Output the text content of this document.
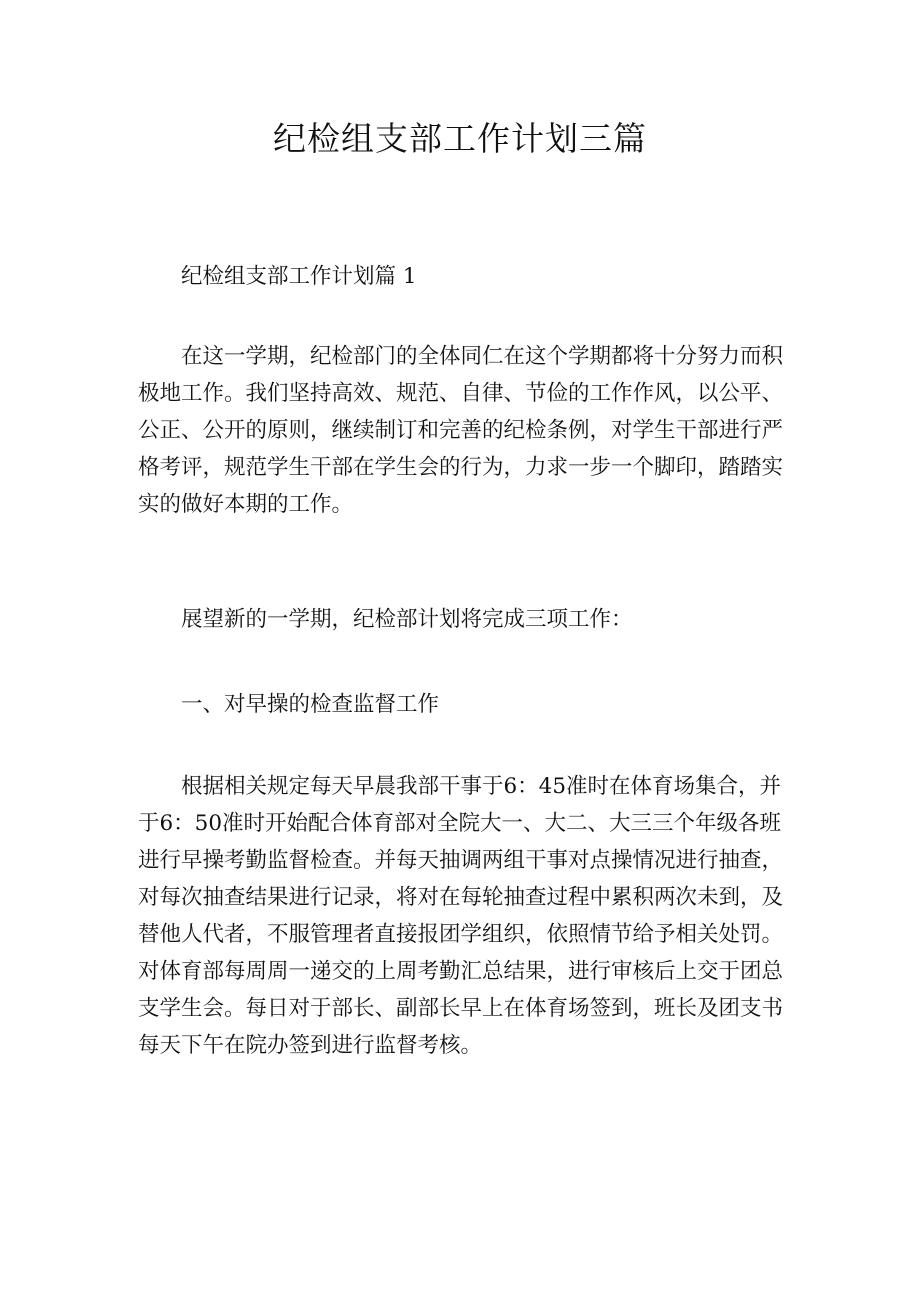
纪检组支部工作计划三篇

纪检组支部工作计划篇 1

在这一学期，纪检部门的全体同仁在这个学期都将十分努力而积极地工作。我们坚持高效、规范、自律、节俭的工作作风，以公平、公正、公开的原则，继续制订和完善的纪检条例，对学生干部进行严格考评，规范学生干部在学生会的行为，力求一步一个脚印，踏踏实实的做好本期的工作。

展望新的一学期，纪检部计划将完成三项工作：

一、对早操的检查监督工作

根据相关规定每天早晨我部干事于6：45准时在体育场集合，并于6：50准时开始配合体育部对全院大一、大二、大三三个年级各班进行早操考勤监督检查。并每天抽调两组干事对点操情况进行抽查，对每次抽查结果进行记录，将对在每轮抽查过程中累积两次未到，及替他人代者，不服管理者直接报团学组织，依照情节给予相关处罚。对体育部每周周一递交的上周考勤汇总结果，进行审核后上交于团总支学生会。每日对于部长、副部长早上在体育场签到，班长及团支书每天下午在院办签到进行监督考核。
